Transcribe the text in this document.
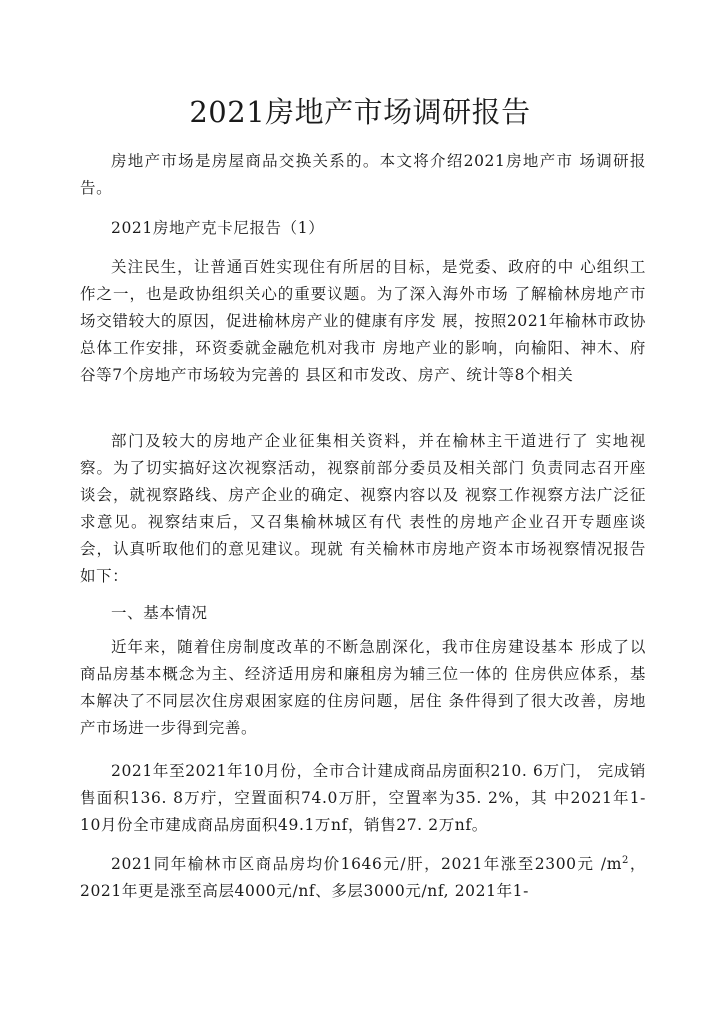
2021房地产市场调研报告

房地产市场是房屋商品交换关系的。本文将介绍2021房地产市 场调研报告。

2021房地产克卡尼报告（1）

关注民生，让普通百姓实现住有所居的目标，是党委、政府的中 心组织工作之一，也是政协组织关心的重要议题。为了深入海外市场 了解榆林房地产市场交错较大的原因，促进榆林房产业的健康有序发 展，按照2021年榆林市政协总体工作安排，环资委就金融危机对我市 房地产业的影响，向榆阳、神木、府谷等7个房地产市场较为完善的 县区和市发改、房产、统计等8个相关

部门及较大的房地产企业征集相关资料，并在榆林主干道进行了 实地视察。为了切实搞好这次视察活动，视察前部分委员及相关部门 负责同志召开座谈会，就视察路线、房产企业的确定、视察内容以及 视察工作视察方法广泛征求意见。视察结束后，又召集榆林城区有代 表性的房地产企业召开专题座谈会，认真听取他们的意见建议。现就 有关榆林市房地产资本市场视察情况报告如下：

一、基本情况

近年来，随着住房制度改革的不断急剧深化，我市住房建设基本 形成了以商品房基本概念为主、经济适用房和廉租房为辅三位一体的 住房供应体系，基本解决了不同层次住房艰困家庭的住房问题，居住 条件得到了很大改善，房地产市场进一步得到完善。

2021年至2021年10月份，全市合计建成商品房面积210. 6万门， 完成销售面积136. 8万疔，空置面积74.0万肝，空置率为35. 2%，其 中2021年1-10月份全市建成商品房面积49.1万nf，销售27. 2万nf。

2021同年榆林市区商品房均价1646元/肝，2021年涨至2300元 $/m^2$，2021年更是涨至高层4000元/nf、多层3000元/nf, 2021年1-
